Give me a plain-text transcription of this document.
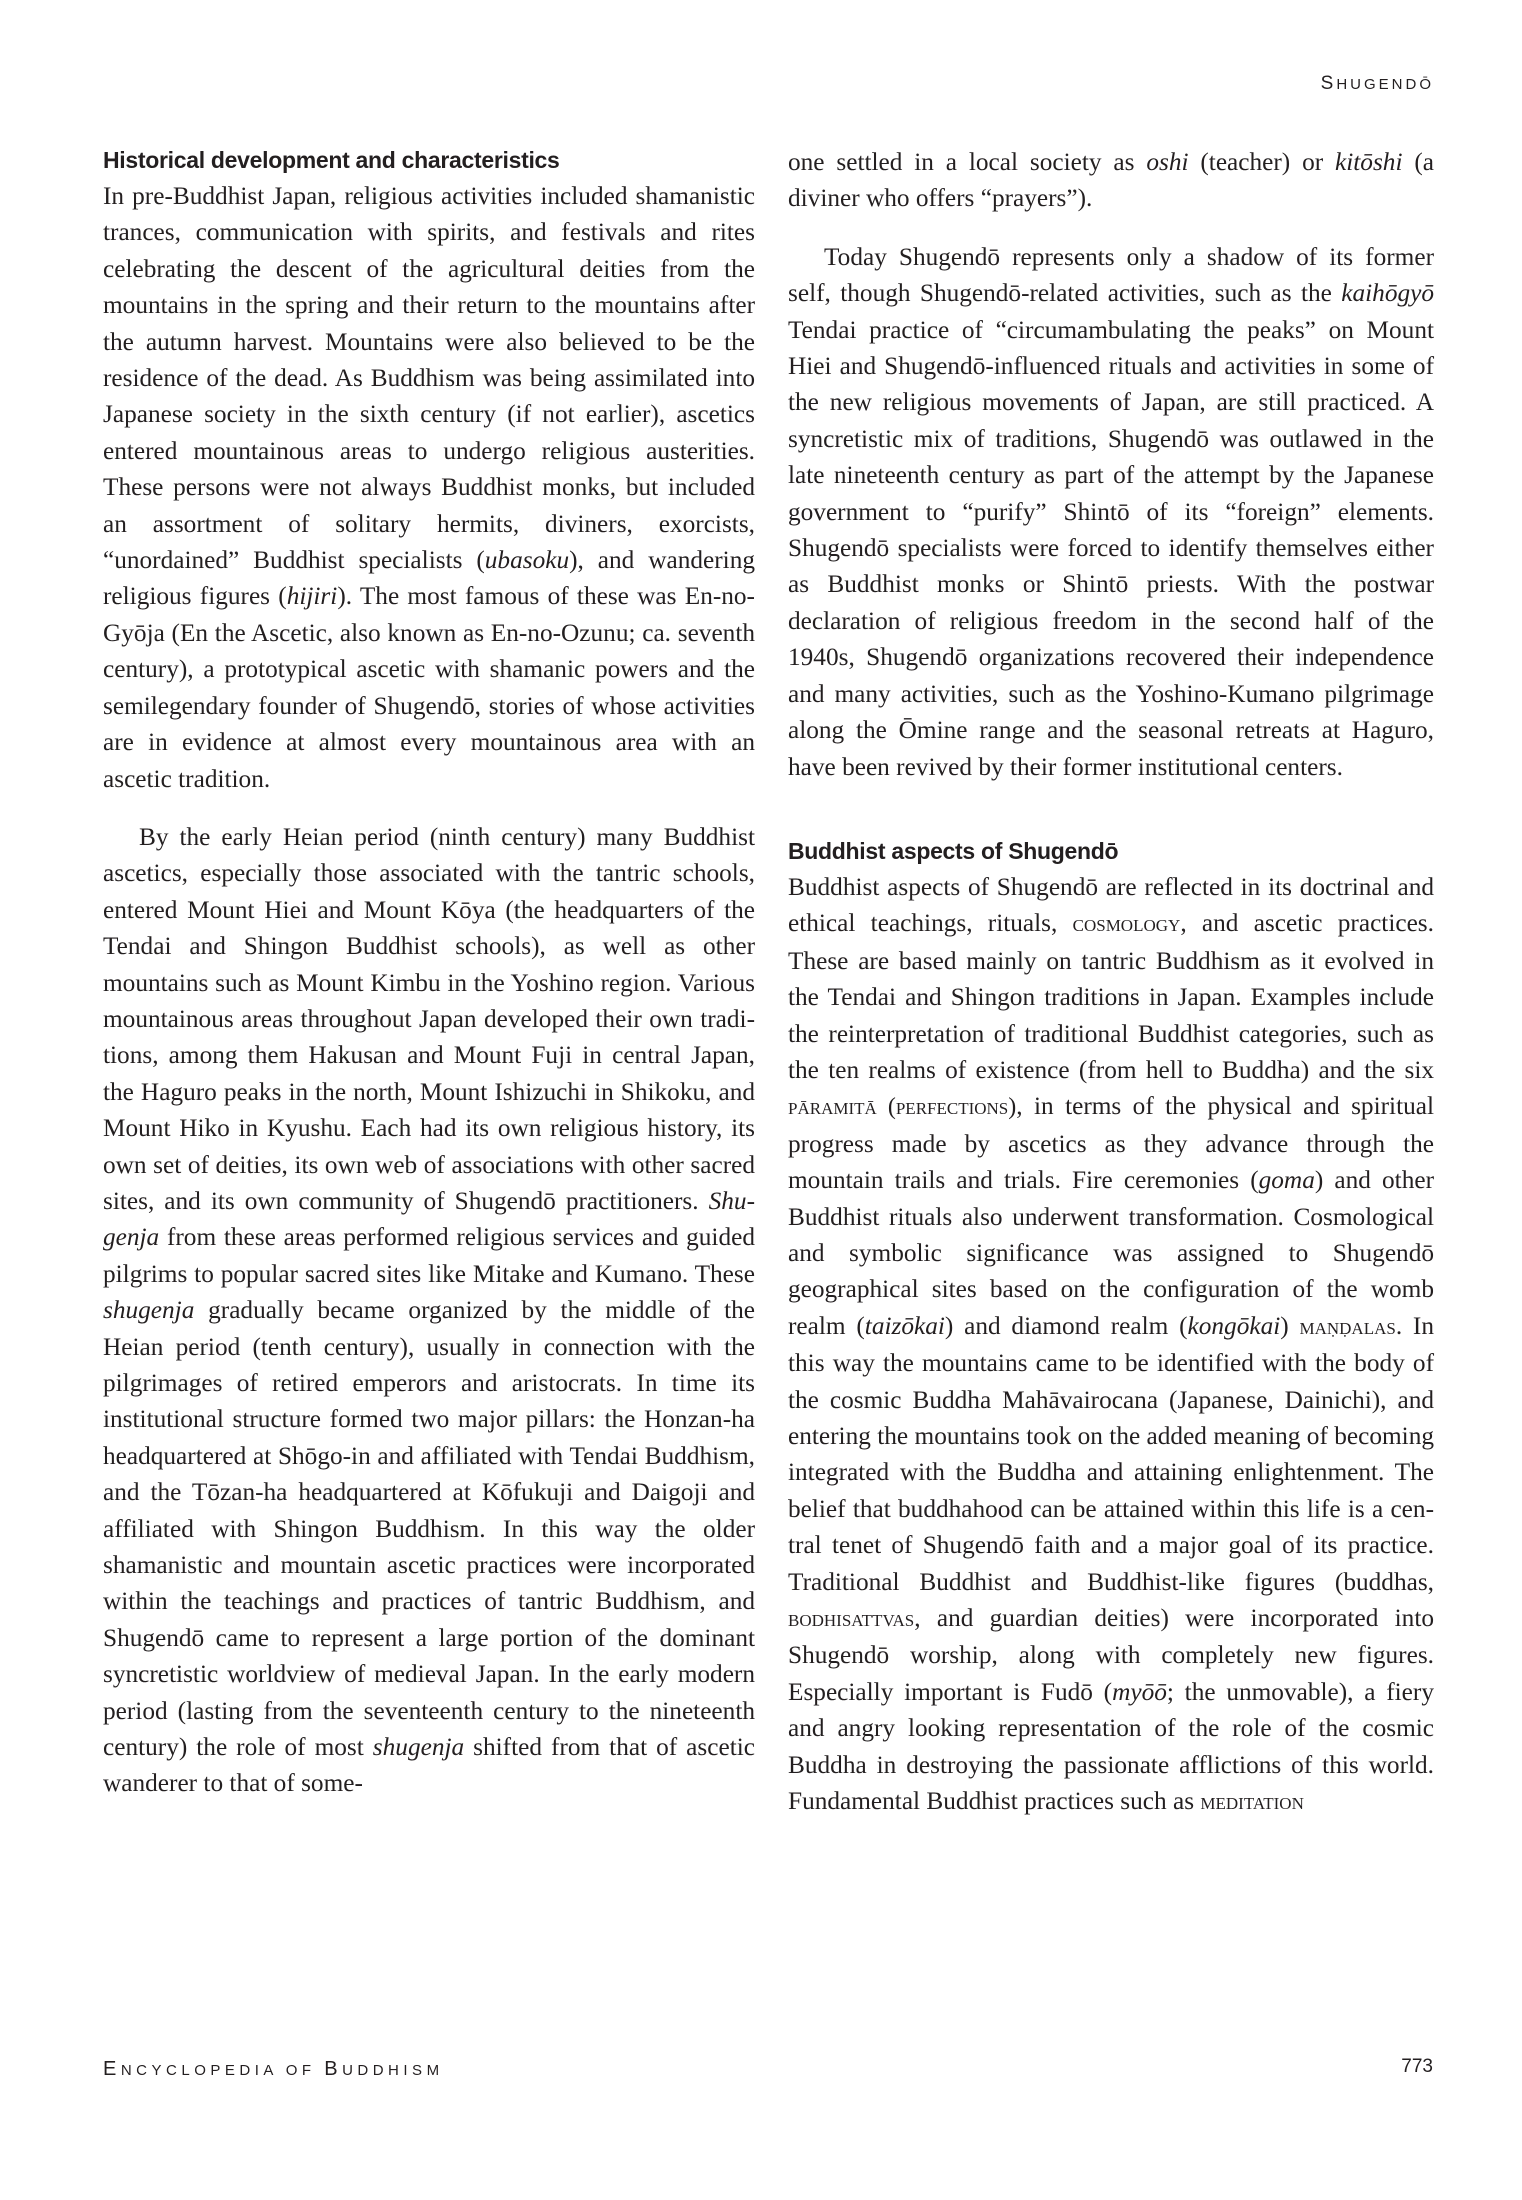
SHUGENDŌ
Historical development and characteristics

In pre-Buddhist Japan, religious activities included shamanistic trances, communication with spirits, and festivals and rites celebrating the descent of the agricultural deities from the mountains in the spring and their return to the mountains after the autumn harvest. Mountains were also believed to be the residence of the dead. As Buddhism was being assimilated into Japanese society in the sixth century (if not earlier), ascetics entered mountainous areas to undergo religious austerities. These persons were not always Buddhist monks, but included an assortment of solitary hermits, diviners, exorcists, “unordained” Buddhist specialists (ubasoku), and wandering religious figures (hijiri). The most famous of these was En-no-Gyōja (En the Ascetic, also known as En-no-Ozunu; ca. seventh century), a prototypical ascetic with shamanic powers and the semilegendary founder of Shugendō, stories of whose activities are in evidence at almost every mountainous area with an ascetic tradition.

By the early Heian period (ninth century) many Buddhist ascetics, especially those associated with the tantric schools, entered Mount Hiei and Mount Kōya (the headquarters of the Tendai and Shingon Buddhist schools), as well as other mountains such as Mount Kimbu in the Yoshino region. Various mountainous areas throughout Japan developed their own traditions, among them Hakusan and Mount Fuji in central Japan, the Haguro peaks in the north, Mount Ishizuchi in Shikoku, and Mount Hiko in Kyushu. Each had its own religious history, its own set of deities, its own web of associations with other sacred sites, and its own community of Shugendō practitioners. Shugenja from these areas performed religious services and guided pilgrims to popular sacred sites like Mitake and Kumano. These shugenja gradually became organized by the middle of the Heian period (tenth century), usually in connection with the pilgrimages of retired emperors and aristocrats. In time its institutional structure formed two major pillars: the Honzan-ha headquartered at Shōgo-in and affiliated with Tendai Buddhism, and the Tōzan-ha headquartered at Kōfukuji and Daigoji and affiliated with Shingon Buddhism. In this way the older shamanistic and mountain ascetic practices were incorporated within the teachings and practices of tantric Buddhism, and Shugendō came to represent a large portion of the dominant syncretistic worldview of medieval Japan. In the early modern period (lasting from the seventeenth century to the nineteenth century) the role of most shugenja shifted from that of ascetic wanderer to that of some-

one settled in a local society as oshi (teacher) or kitōshi (a diviner who offers “prayers”).

Today Shugendō represents only a shadow of its former self, though Shugendō-related activities, such as the kaihōgyō Tendai practice of “circumambulating the peaks” on Mount Hiei and Shugendō-influenced rituals and activities in some of the new religious movements of Japan, are still practiced. A syncretistic mix of traditions, Shugendō was outlawed in the late nineteenth century as part of the attempt by the Japanese government to “purify” Shintō of its “foreign” elements. Shugendō specialists were forced to identify themselves either as Buddhist monks or Shintō priests. With the postwar declaration of religious freedom in the second half of the 1940s, Shugendō organizations recovered their independence and many activities, such as the Yoshino-Kumano pilgrimage along the Ōmine range and the seasonal retreats at Haguro, have been revived by their former institutional centers.

Buddhist aspects of Shugendō

Buddhist aspects of Shugendō are reflected in its doctrinal and ethical teachings, rituals, cosmology, and ascetic practices. These are based mainly on tantric Buddhism as it evolved in the Tendai and Shingon traditions in Japan. Examples include the reinterpretation of traditional Buddhist categories, such as the ten realms of existence (from hell to Buddha) and the six pāramitā (perfections), in terms of the physical and spiritual progress made by ascetics as they advance through the mountain trails and trials. Fire ceremonies (goma) and other Buddhist rituals also underwent transformation. Cosmological and symbolic significance was assigned to Shugendō geographical sites based on the configuration of the womb realm (taizōkai) and diamond realm (kongōkai) maṇḍalas. In this way the mountains came to be identified with the body of the cosmic Buddha Mahāvairocana (Japanese, Dainichi), and entering the mountains took on the added meaning of becoming integrated with the Buddha and attaining enlightenment. The belief that buddhahood can be attained within this life is a central tenet of Shugendō faith and a major goal of its practice. Traditional Buddhist and Buddhist-like figures (buddhas, bodhisattvas, and guardian deities) were incorporated into Shugendō worship, along with completely new figures. Especially important is Fudō (myōō; the unmovable), a fiery and angry looking representation of the role of the cosmic Buddha in destroying the passionate afflictions of this world. Fundamental Buddhist practices such as meditation

ENCYCLOPEDIA OF BUDDHISM	773
